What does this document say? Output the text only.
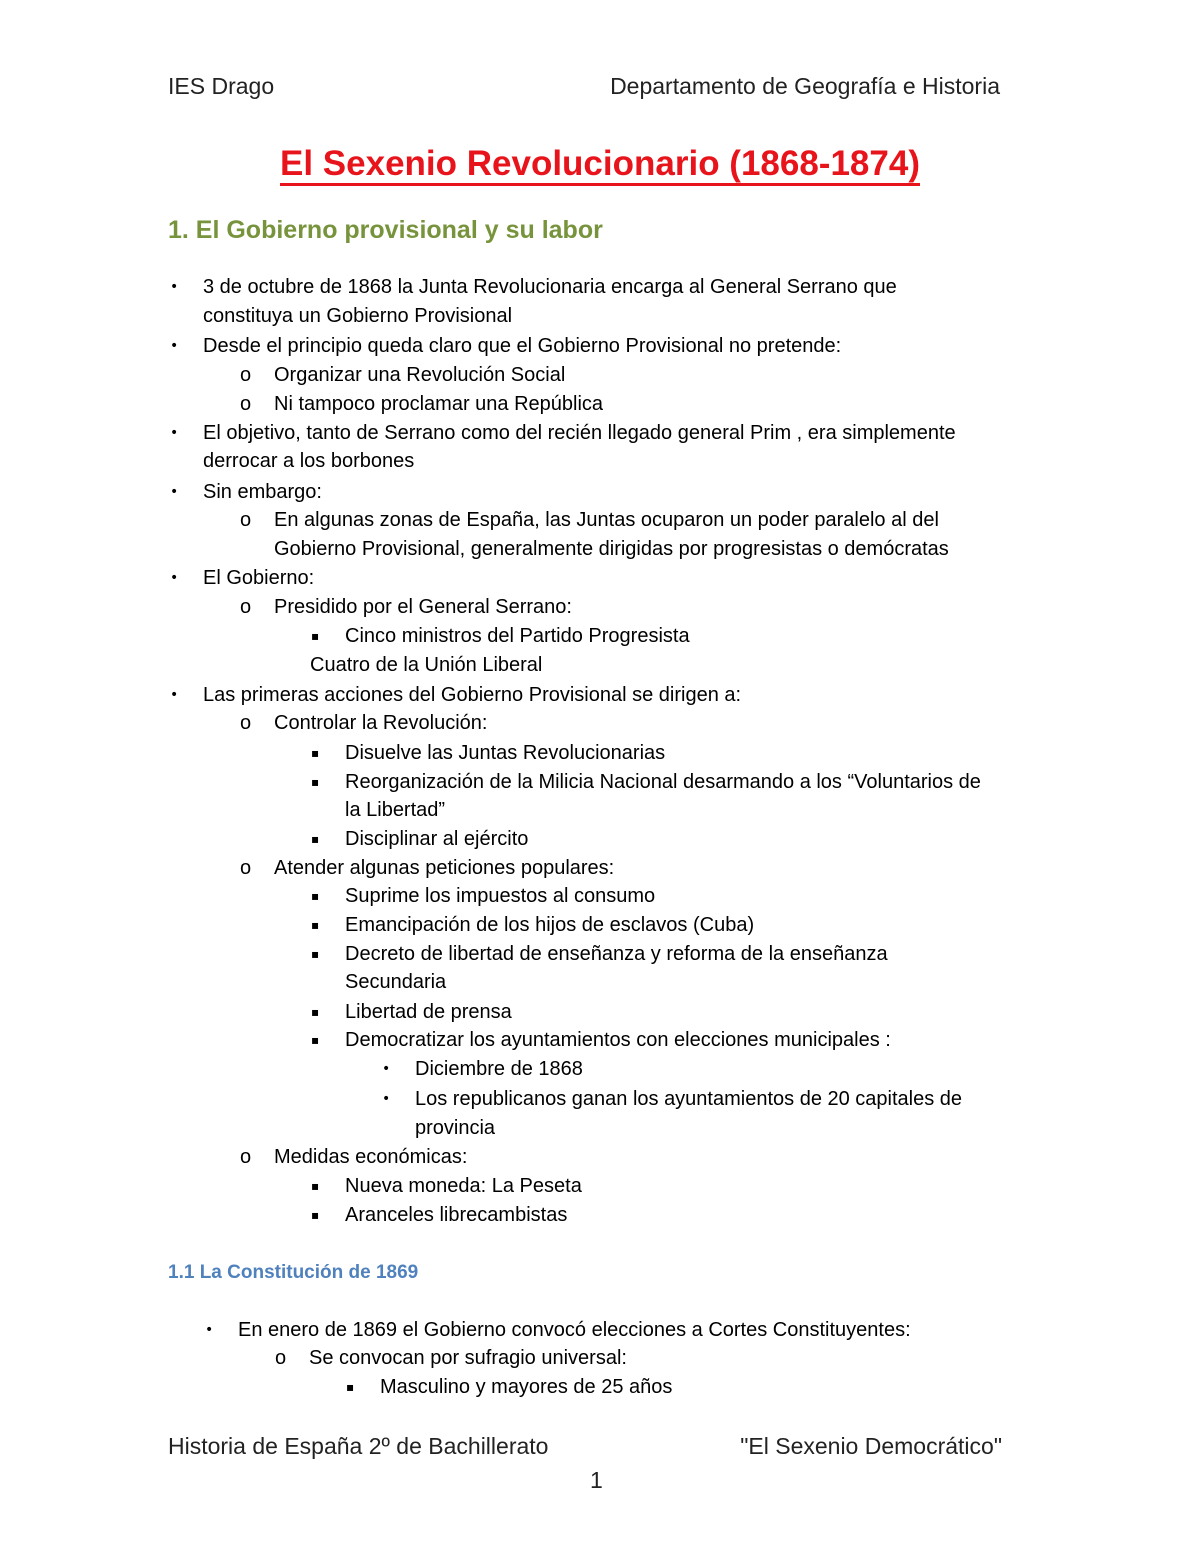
IES Drago	Departamento de Geografía e Historia
El Sexenio Revolucionario (1868-1874)
1. El Gobierno provisional y su labor
• 3 de octubre de 1868 la Junta Revolucionaria encarga al General Serrano que
constituya un Gobierno Provisional
• Desde el principio queda claro que el Gobierno Provisional no pretende:
o Organizar una Revolución Social
o Ni tampoco proclamar una República
• El objetivo, tanto de Serrano como del recién llegado general Prim , era simplemente
derrocar a los borbones
• Sin embargo:
o En algunas zonas de España, las Juntas ocuparon un poder paralelo al del
Gobierno Provisional, generalmente dirigidas por progresistas o demócratas
• El Gobierno:
o Presidido por el General Serrano:
▪ Cinco ministros del Partido Progresista
Cuatro de la Unión Liberal
• Las primeras acciones del Gobierno Provisional se dirigen a:
o Controlar la Revolución:
▪ Disuelve las Juntas Revolucionarias
▪ Reorganización de la Milicia Nacional desarmando a los “Voluntarios de
la Libertad”
▪ Disciplinar al ejército
o Atender algunas peticiones populares:
▪ Suprime los impuestos al consumo
▪ Emancipación de los hijos de esclavos (Cuba)
▪ Decreto de libertad de enseñanza y reforma de la enseñanza
Secundaria
▪ Libertad de prensa
▪ Democratizar los ayuntamientos con elecciones municipales :
• Diciembre de 1868
• Los republicanos ganan los ayuntamientos de 20 capitales de
provincia
o Medidas económicas:
▪ Nueva moneda: La Peseta
▪ Aranceles librecambistas
1.1 La Constitución de 1869
• En enero de 1869 el Gobierno convocó elecciones a Cortes Constituyentes:
o Se convocan por sufragio universal:
▪ Masculino y mayores de 25 años
Historia de España 2º de Bachillerato	"El Sexenio Democrático"
1
